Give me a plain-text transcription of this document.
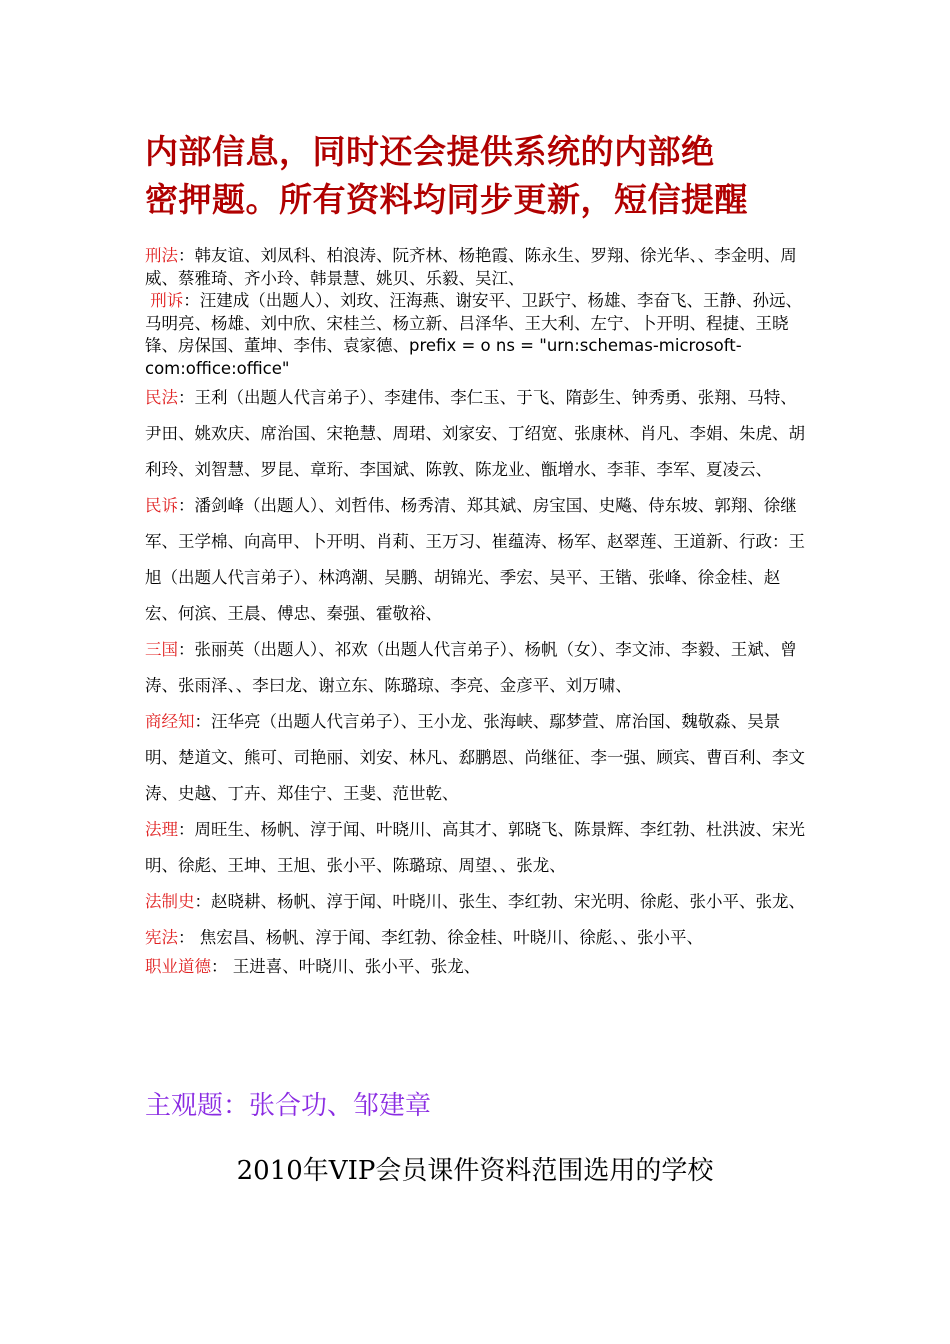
内部信息，同时还会提供系统的内部绝
密押题。所有资料均同步更新，短信提醒

刑法：韩友谊、刘凤科、柏浪涛、阮齐林、杨艳霞、陈永生、罗翔、徐光华、、李金明、周威、蔡雅琦、齐小玲、韩景慧、姚贝、乐毅、吴江、

刑诉：汪建成（出题人）、刘玫、汪海燕、谢安平、卫跃宁、杨雄、李奋飞、王静、孙远、马明亮、杨雄、刘中欣、宋桂兰、杨立新、吕泽华、王大利、左宁、卜开明、程捷、王晓锋、房保国、董坤、李伟、袁家德、prefix = o ns = "urn:schemas-microsoft-com:office:office"

民法：王利（出题人代言弟子）、李建伟、李仁玉、于飞、隋彭生、钟秀勇、张翔、马特、尹田、姚欢庆、席治国、宋艳慧、周珺、刘家安、丁绍宽、张康林、肖凡、李娟、朱虎、胡利玲、刘智慧、罗昆、章珩、李国斌、陈敦、陈龙业、甑增水、李菲、李军、夏凌云、

民诉：潘剑峰（出题人）、刘哲伟、杨秀清、郑其斌、房宝国、史飚、侍东坡、郭翔、徐继军、王学棉、向高甲、卜开明、肖莉、王万习、崔蕴涛、杨军、赵翠莲、王道新、行政：王旭（出题人代言弟子）、林鸿潮、吴鹏、胡锦光、季宏、吴平、王锴、张峰、徐金桂、赵宏、何滨、王晨、傅忠、秦强、霍敬裕、

三国：张丽英（出题人）、祁欢（出题人代言弟子）、杨帆（女）、李文沛、李毅、王斌、曾涛、张雨泽、、李曰龙、谢立东、陈璐琼、李亮、金彦平、刘万啸、

商经知：汪华亮（出题人代言弟子）、王小龙、张海峡、鄢梦萱、席治国、魏敬淼、吴景明、楚道文、熊可、司艳丽、刘安、林凡、郄鹏恩、尚继征、李一强、顾宾、曹百利、李文涛、史越、丁卉、郑佳宁、王斐、范世乾、

法理：周旺生、杨帆、淳于闻、叶晓川、高其才、郭晓飞、陈景辉、李红勃、杜洪波、宋光明、徐彪、王坤、王旭、张小平、陈璐琼、周望、、张龙、

法制史：赵晓耕、杨帆、淳于闻、叶晓川、张生、李红勃、宋光明、徐彪、张小平、张龙、

宪法： 焦宏昌、杨帆、淳于闻、李红勃、徐金桂、叶晓川、徐彪、、张小平、

职业道德： 王进喜、叶晓川、张小平、张龙、

主观题：张合功、邹建章
2010年VIP会员课件资料范围选用的学校
